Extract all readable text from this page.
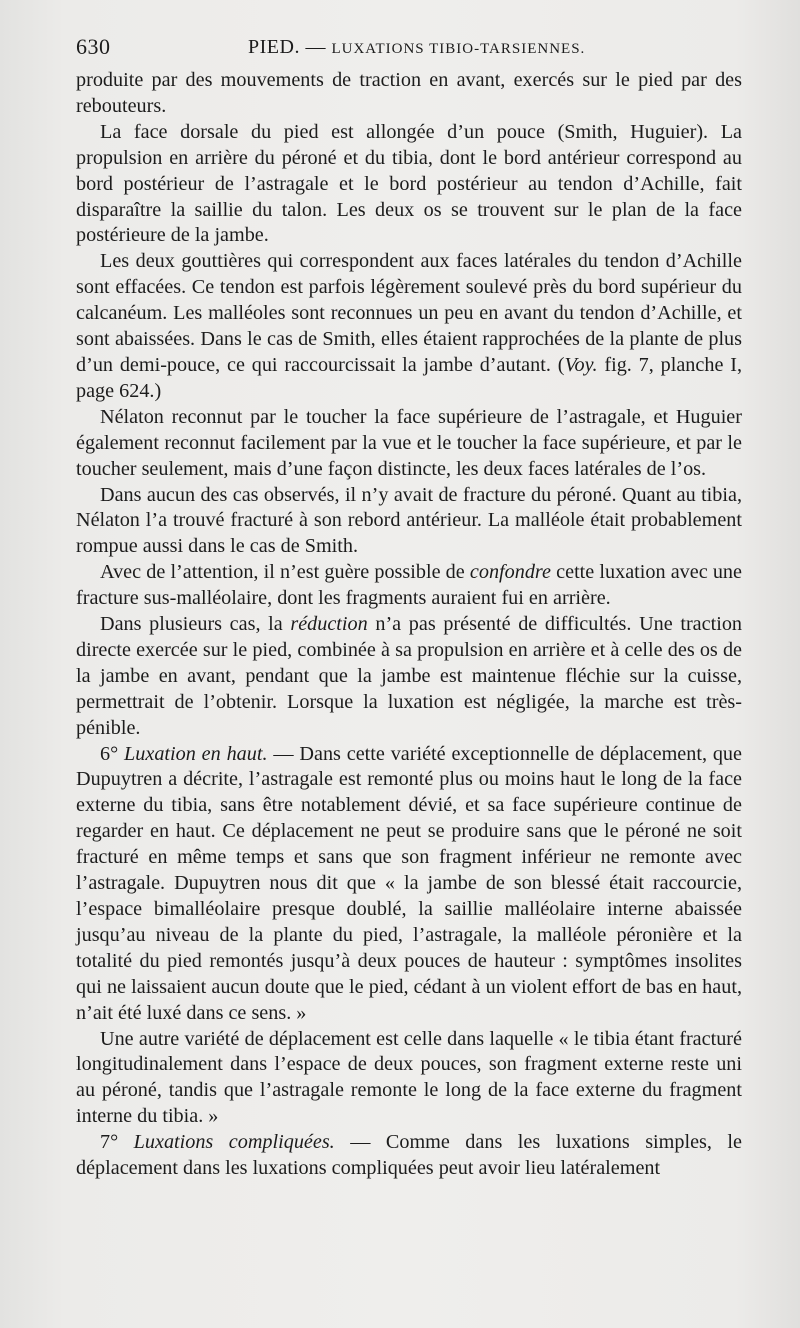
630	PIED. — LUXATIONS TIBIO-TARSIENNES.

produite par des mouvements de traction en avant, exercés sur le pied par des rebouteurs.

La face dorsale du pied est allongée d’un pouce (Smith, Huguier). La propulsion en arrière du péroné et du tibia, dont le bord antérieur correspond au bord postérieur de l’astragale et le bord postérieur au tendon d’Achille, fait disparaître la saillie du talon. Les deux os se trouvent sur le plan de la face postérieure de la jambe.

Les deux gouttières qui correspondent aux faces latérales du tendon d’Achille sont effacées. Ce tendon est parfois légèrement soulevé près du bord supérieur du calcanéum. Les malléoles sont reconnues un peu en avant du tendon d’Achille, et sont abaissées. Dans le cas de Smith, elles étaient rapprochées de la plante de plus d’un demi-pouce, ce qui raccourcissait la jambe d’autant. (Voy. fig. 7, planche I, page 624.)

Nélaton reconnut par le toucher la face supérieure de l’astragale, et Huguier également reconnut facilement par la vue et le toucher la face supérieure, et par le toucher seulement, mais d’une façon distincte, les deux faces latérales de l’os.

Dans aucun des cas observés, il n’y avait de fracture du péroné. Quant au tibia, Nélaton l’a trouvé fracturé à son rebord antérieur. La malléole était probablement rompue aussi dans le cas de Smith.

Avec de l’attention, il n’est guère possible de confondre cette luxation avec une fracture sus-malléolaire, dont les fragments auraient fui en arrière.

Dans plusieurs cas, la réduction n’a pas présenté de difficultés. Une traction directe exercée sur le pied, combinée à sa propulsion en arrière et à celle des os de la jambe en avant, pendant que la jambe est maintenue fléchie sur la cuisse, permettrait de l’obtenir. Lorsque la luxation est négligée, la marche est très-pénible.

6° Luxation en haut. — Dans cette variété exceptionnelle de déplacement, que Dupuytren a décrite, l’astragale est remonté plus ou moins haut le long de la face externe du tibia, sans être notablement dévié, et sa face supérieure continue de regarder en haut. Ce déplacement ne peut se produire sans que le péroné ne soit fracturé en même temps et sans que son fragment inférieur ne remonte avec l’astragale. Dupuytren nous dit que « la jambe de son blessé était raccourcie, l’espace bimalléolaire presque doublé, la saillie malléolaire interne abaissée jusqu’au niveau de la plante du pied, l’astragale, la malléole péronière et la totalité du pied remontés jusqu’à deux pouces de hauteur : symptômes insolites qui ne laissaient aucun doute que le pied, cédant à un violent effort de bas en haut, n’ait été luxé dans ce sens. »

Une autre variété de déplacement est celle dans laquelle « le tibia étant fracturé longitudinalement dans l’espace de deux pouces, son fragment externe reste uni au péroné, tandis que l’astragale remonte le long de la face externe du fragment interne du tibia. »

7° Luxations compliquées. — Comme dans les luxations simples, le déplacement dans les luxations compliquées peut avoir lieu latéralement
